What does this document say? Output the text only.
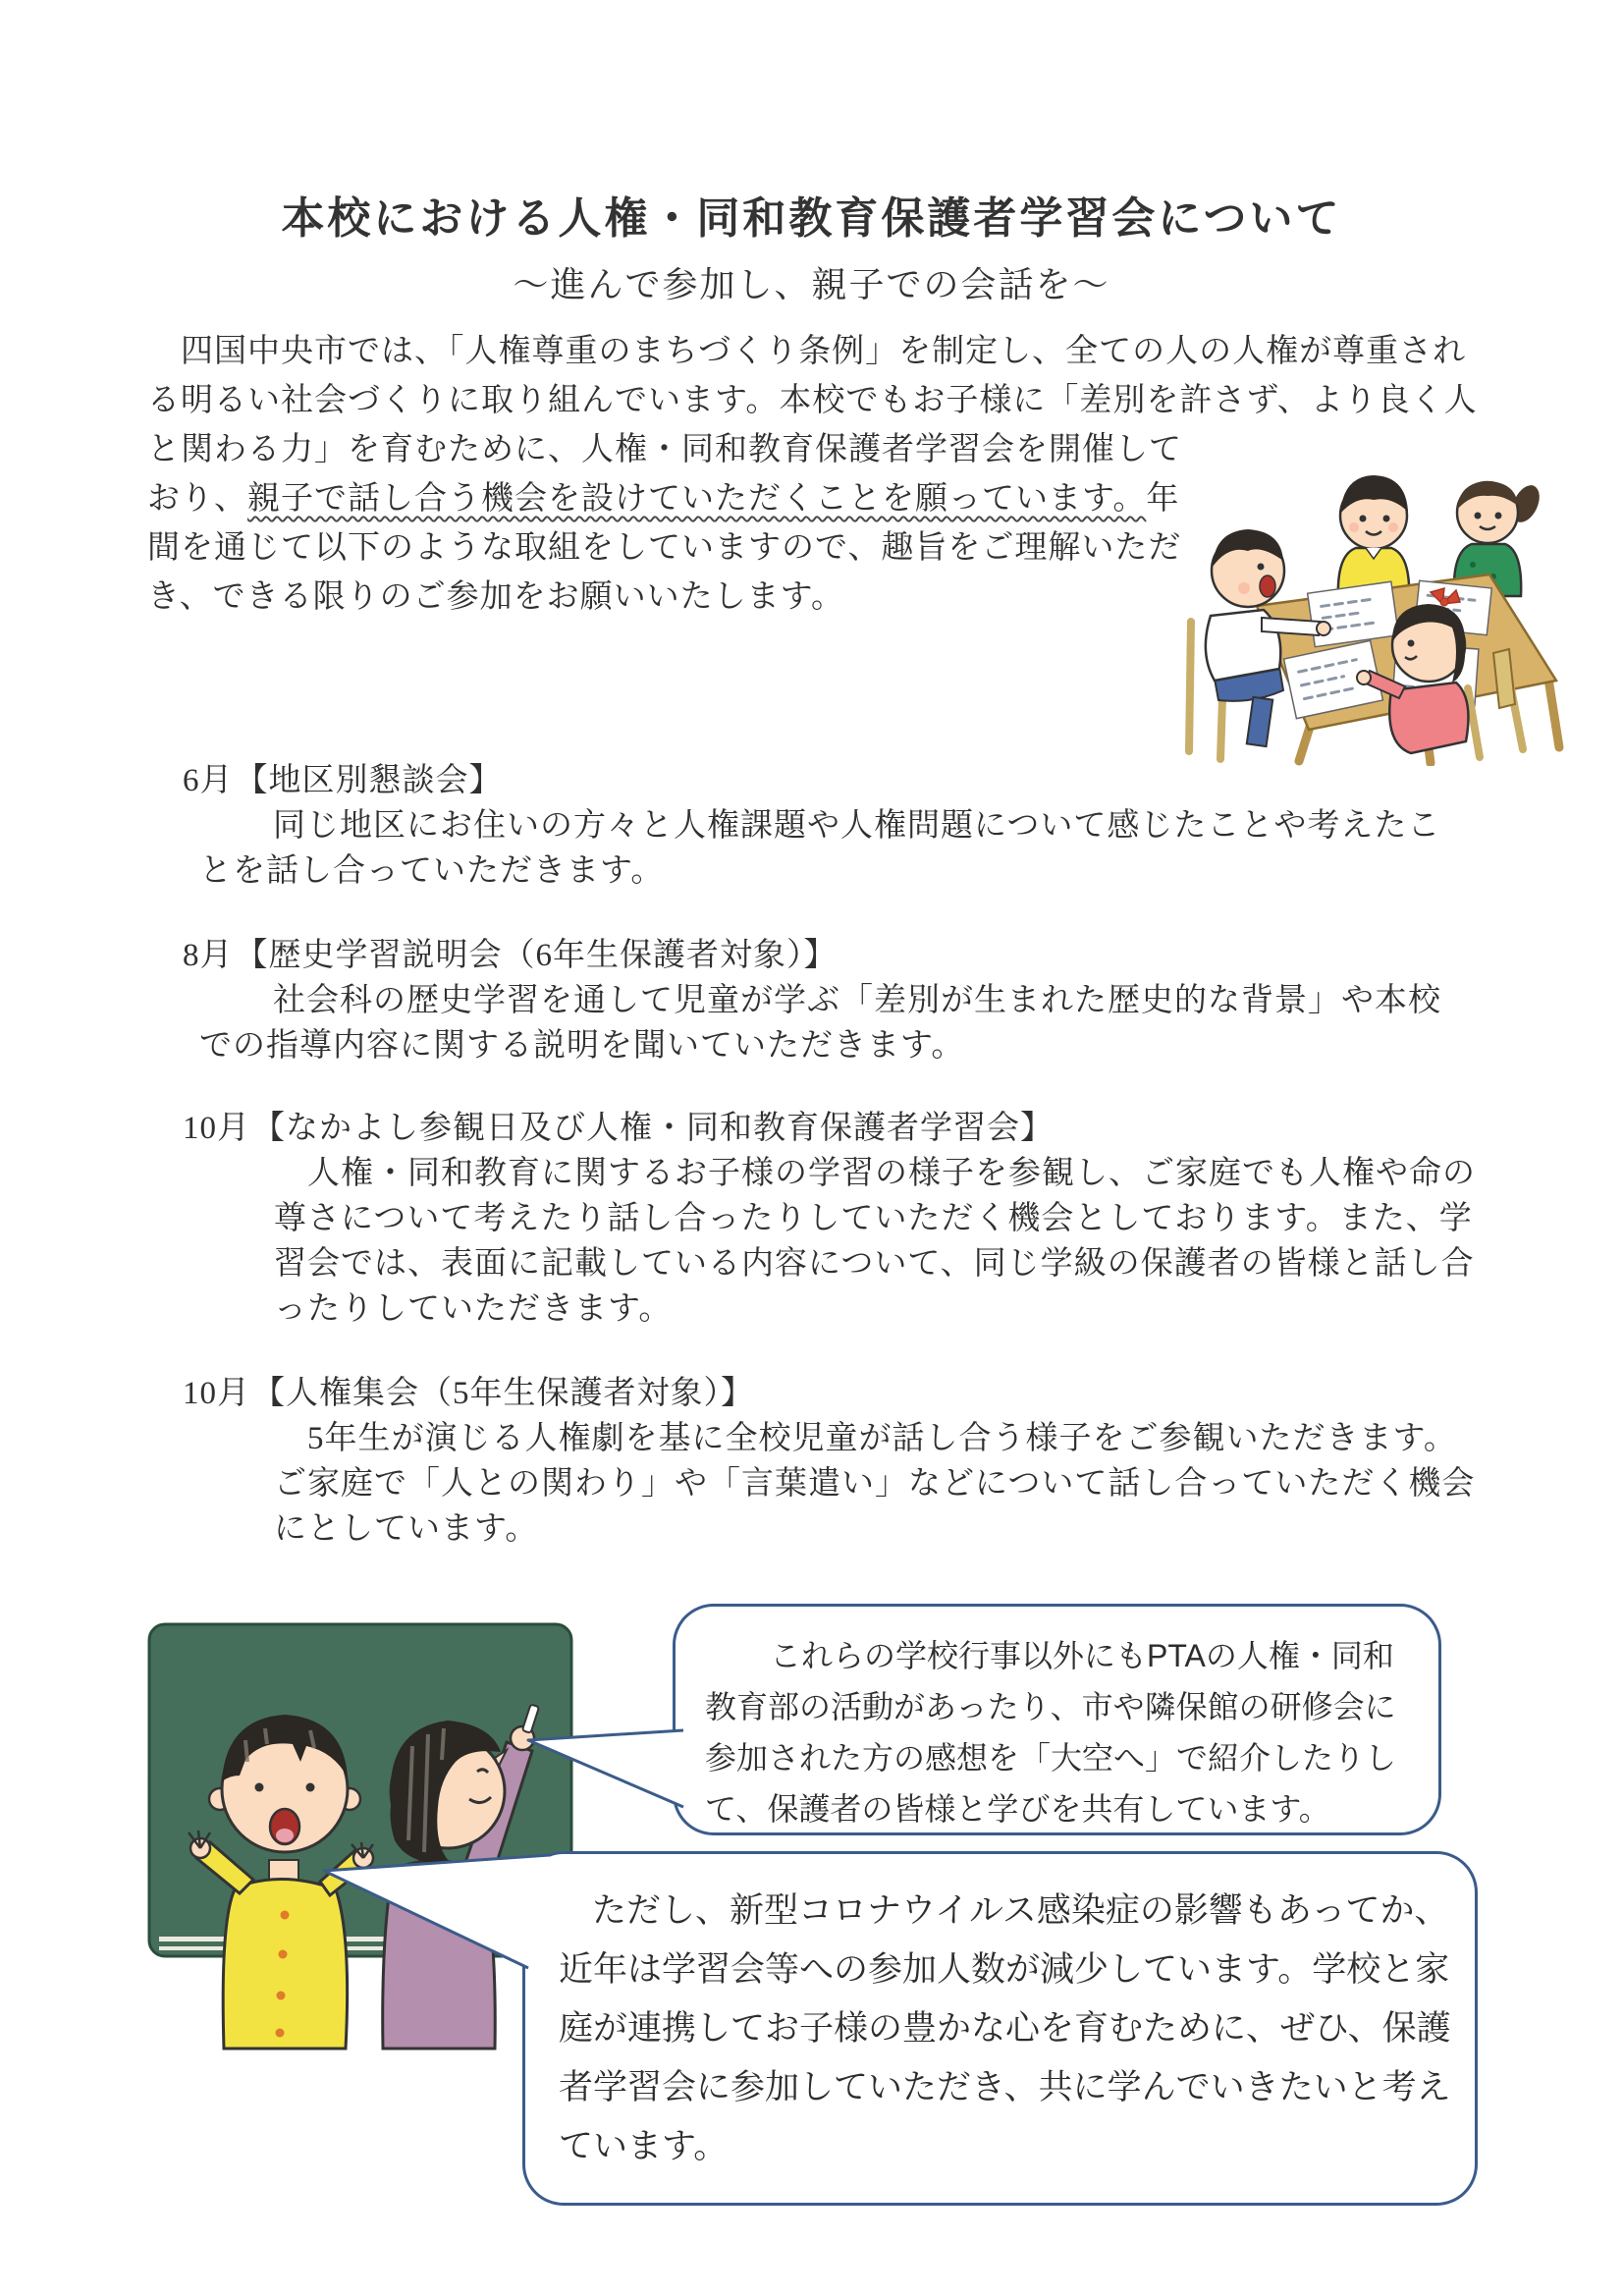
本校における人権・同和教育保護者学習会について
～進んで参加し、親子での会話を～
四国中央市では、「人権尊重のまちづくり条例」を制定し、全ての人の人権が尊重され
る明るい社会づくりに取り組んでいます。本校でもお子様に「差別を許さず、より良く人
と関わる力」を育むために、人権・同和教育保護者学習会を開催して
おり、親子で話し合う機会を設けていただくことを願っています。年
間を通じて以下のような取組をしていますので、趣旨をご理解いただ
き、できる限りのご参加をお願いいたします。
6月【地区別懇談会】
同じ地区にお住いの方々と人権課題や人権問題について感じたことや考えたこ
とを話し合っていただきます。
8月【歴史学習説明会（6年生保護者対象）】
社会科の歴史学習を通して児童が学ぶ「差別が生まれた歴史的な背景」や本校
での指導内容に関する説明を聞いていただきます。
10月【なかよし参観日及び人権・同和教育保護者学習会】
人権・同和教育に関するお子様の学習の様子を参観し、ご家庭でも人権や命の
尊さについて考えたり話し合ったりしていただく機会としております。また、学
習会では、表面に記載している内容について、同じ学級の保護者の皆様と話し合
ったりしていただきます。
10月【人権集会（5年生保護者対象）】
5年生が演じる人権劇を基に全校児童が話し合う様子をご参観いただきます。
ご家庭で「人との関わり」や「言葉遣い」などについて話し合っていただく機会
にとしています。
これらの学校行事以外にもPTAの人権・同和
教育部の活動があったり、市や隣保館の研修会に
参加された方の感想を「大空へ」で紹介したりし
て、保護者の皆様と学びを共有しています。
ただし、新型コロナウイルス感染症の影響もあってか、
近年は学習会等への参加人数が減少しています。学校と家
庭が連携してお子様の豊かな心を育むために、ぜひ、保護
者学習会に参加していただき、共に学んでいきたいと考え
ています。
